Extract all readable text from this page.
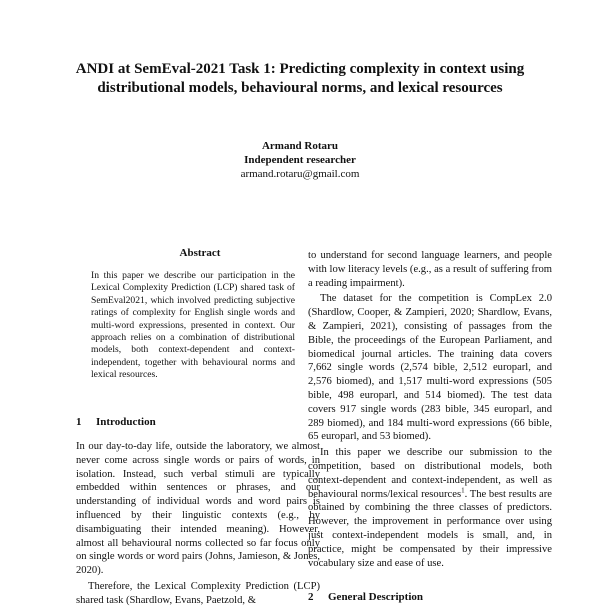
ANDI at SemEval-2021 Task 1: Predicting complexity in context using distributional models, behavioural norms, and lexical resources
Armand Rotaru
Independent researcher
armand.rotaru@gmail.com
Abstract
In this paper we describe our participation in the Lexical Complexity Prediction (LCP) shared task of SemEval2021, which involved predicting subjective ratings of complexity for English single words and multi-word expressions, presented in context. Our approach relies on a combination of distributional models, both context-dependent and context-independent, together with behavioural norms and lexical resources.
1 Introduction

In our day-to-day life, outside the laboratory, we almost never come across single words or pairs of words, in isolation. Instead, such verbal stimuli are typically embedded within sentences or phrases, and our understanding of individual words and word pairs is influenced by their linguistic contexts (e.g., by disambiguating their intended meaning). However, almost all behavioural norms collected so far focus only on single words or word pairs (Johns, Jamieson, & Jones, 2020).

Therefore, the Lexical Complexity Prediction (LCP) shared task (Shardlow, Evans, Paetzold, &

to understand for second language learners, and people with low literacy levels (e.g., as a result of suffering from a reading impairment).

The dataset for the competition is CompLex 2.0 (Shardlow, Cooper, & Zampieri, 2020; Shardlow, Evans, & Zampieri, 2021), consisting of passages from the Bible, the proceedings of the European Parliament, and biomedical journal articles. The training data covers 7,662 single words (2,574 bible, 2,512 europarl, and 2,576 biomed), and 1,517 multi-word expressions (505 bible, 498 europarl, and 514 biomed). The test data covers 917 single words (283 bible, 345 europarl, and 289 biomed), and 184 multi-word expressions (66 bible, 65 europarl, and 53 biomed).

In this paper we describe our submission to the competition, based on distributional models, both context-dependent and context-independent, as well as behavioural norms/lexical resources$^1$. The best results are obtained by combining the three classes of predictors. However, the improvement in performance over using just context-independent models is small, and, in practice, might be compensated by their impressive vocabulary size and ease of use.

2 General Description
